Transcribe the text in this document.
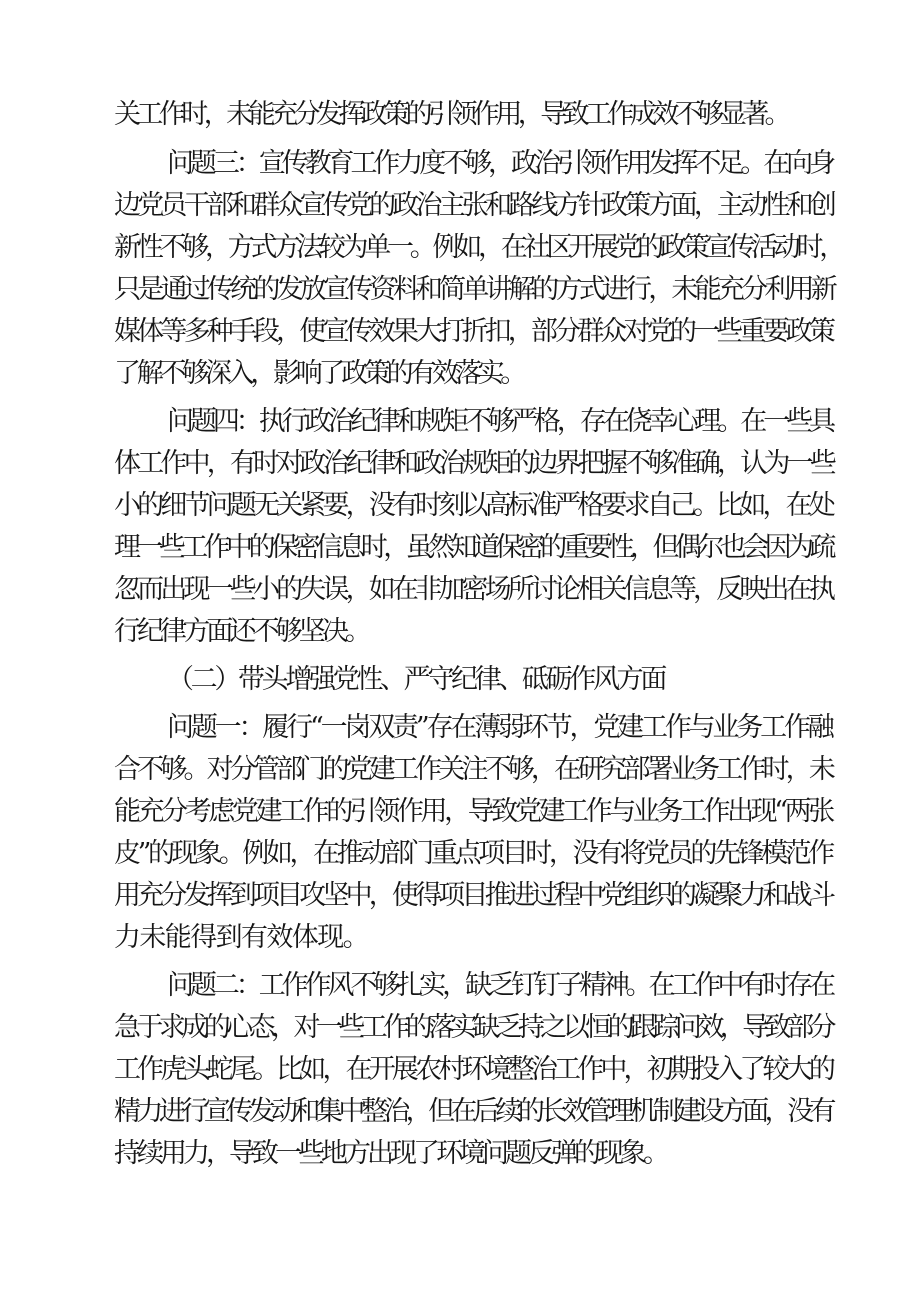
关工作时，未能充分发挥政策的引领作用，导致工作成效不够显著。
问题三：宣传教育工作力度不够，政治引领作用发挥不足。在向身
边党员干部和群众宣传党的政治主张和路线方针政策方面，主动性和创
新性不够，方式方法较为单一。例如，在社区开展党的政策宣传活动时，
只是通过传统的发放宣传资料和简单讲解的方式进行，未能充分利用新
媒体等多种手段，使宣传效果大打折扣，部分群众对党的一些重要政策
了解不够深入，影响了政策的有效落实。
问题四：执行政治纪律和规矩不够严格，存在侥幸心理。在一些具
体工作中，有时对政治纪律和政治规矩的边界把握不够准确，认为一些
小的细节问题无关紧要，没有时刻以高标准严格要求自己。比如，在处
理一些工作中的保密信息时，虽然知道保密的重要性，但偶尔也会因为疏
忽而出现一些小的失误，如在非加密场所讨论相关信息等，反映出在执
行纪律方面还不够坚决。
（二）带头增强党性、严守纪律、砥砺作风方面
问题一：履行“一岗双责”存在薄弱环节，党建工作与业务工作融
合不够。对分管部门的党建工作关注不够，在研究部署业务工作时，未
能充分考虑党建工作的引领作用，导致党建工作与业务工作出现“两张
皮”的现象。例如，在推动部门重点项目时，没有将党员的先锋模范作
用充分发挥到项目攻坚中，使得项目推进过程中党组织的凝聚力和战斗
力未能得到有效体现。
问题二：工作作风不够扎实，缺乏钉钉子精神。在工作中有时存在
急于求成的心态，对一些工作的落实缺乏持之以恒的跟踪问效，导致部分
工作虎头蛇尾。比如，在开展农村环境整治工作中，初期投入了较大的
精力进行宣传发动和集中整治，但在后续的长效管理机制建设方面，没有
持续用力，导致一些地方出现了环境问题反弹的现象。
